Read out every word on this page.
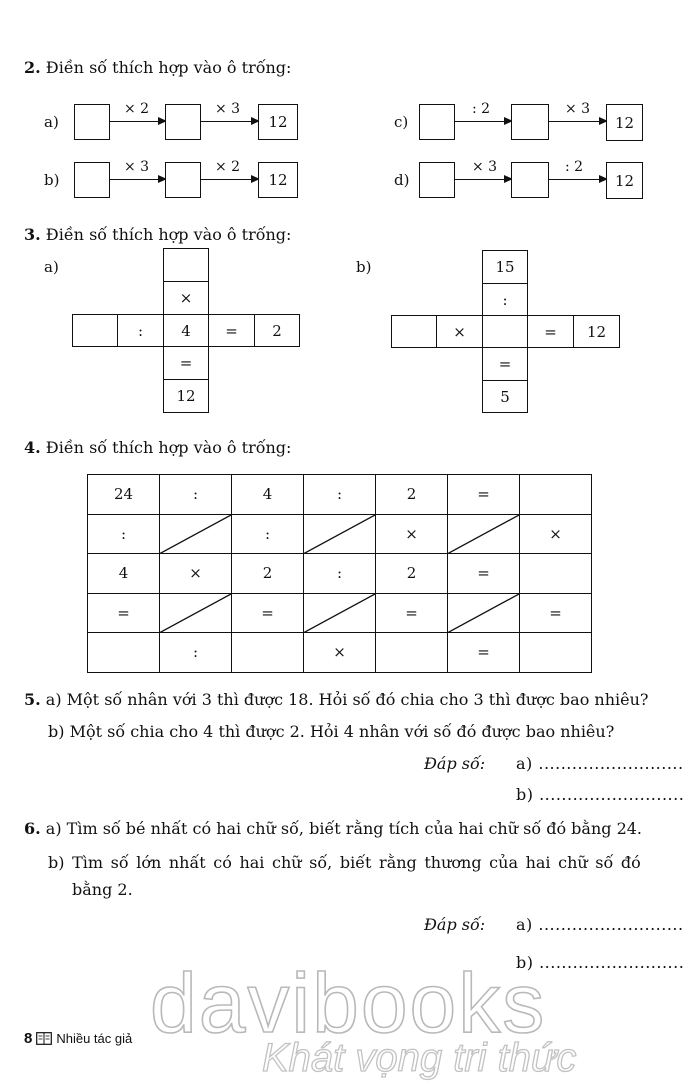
2. Điền số thích hợp vào ô trống:
a)
× 2	× 3
12
b)
× 3	× 2
12
c)
: 2	× 3
12
d)
× 3	: 2
12
3. Điền số thích hợp vào ô trống:
a)
×
:	4	=	2
=
12
b)	15
:
×	=	12
=
5
4. Điền số thích hợp vào ô trống:
24	:	4	:	2	=	
:		:		×		×
4	×	2	:	2	=	
=		=		=		=
	:		×		=	
5. a) Một số nhân với 3 thì được 18. Hỏi số đó chia cho 3 thì được bao nhiêu?
b) Một số chia cho 4 thì được 2. Hỏi 4 nhân với số đó được bao nhiêu?
Đáp số: a) ..........................
b) ..........................
6. a) Tìm số bé nhất có hai chữ số, biết rằng tích của hai chữ số đó bằng 24.
b) Tìm số lớn nhất có hai chữ số, biết rằng thương của hai chữ số đó
bằng 2.
Đáp số: a) ..........................
b) ..........................
davibooks
Khát vọng tri thức
8 Nhiều tác giả
